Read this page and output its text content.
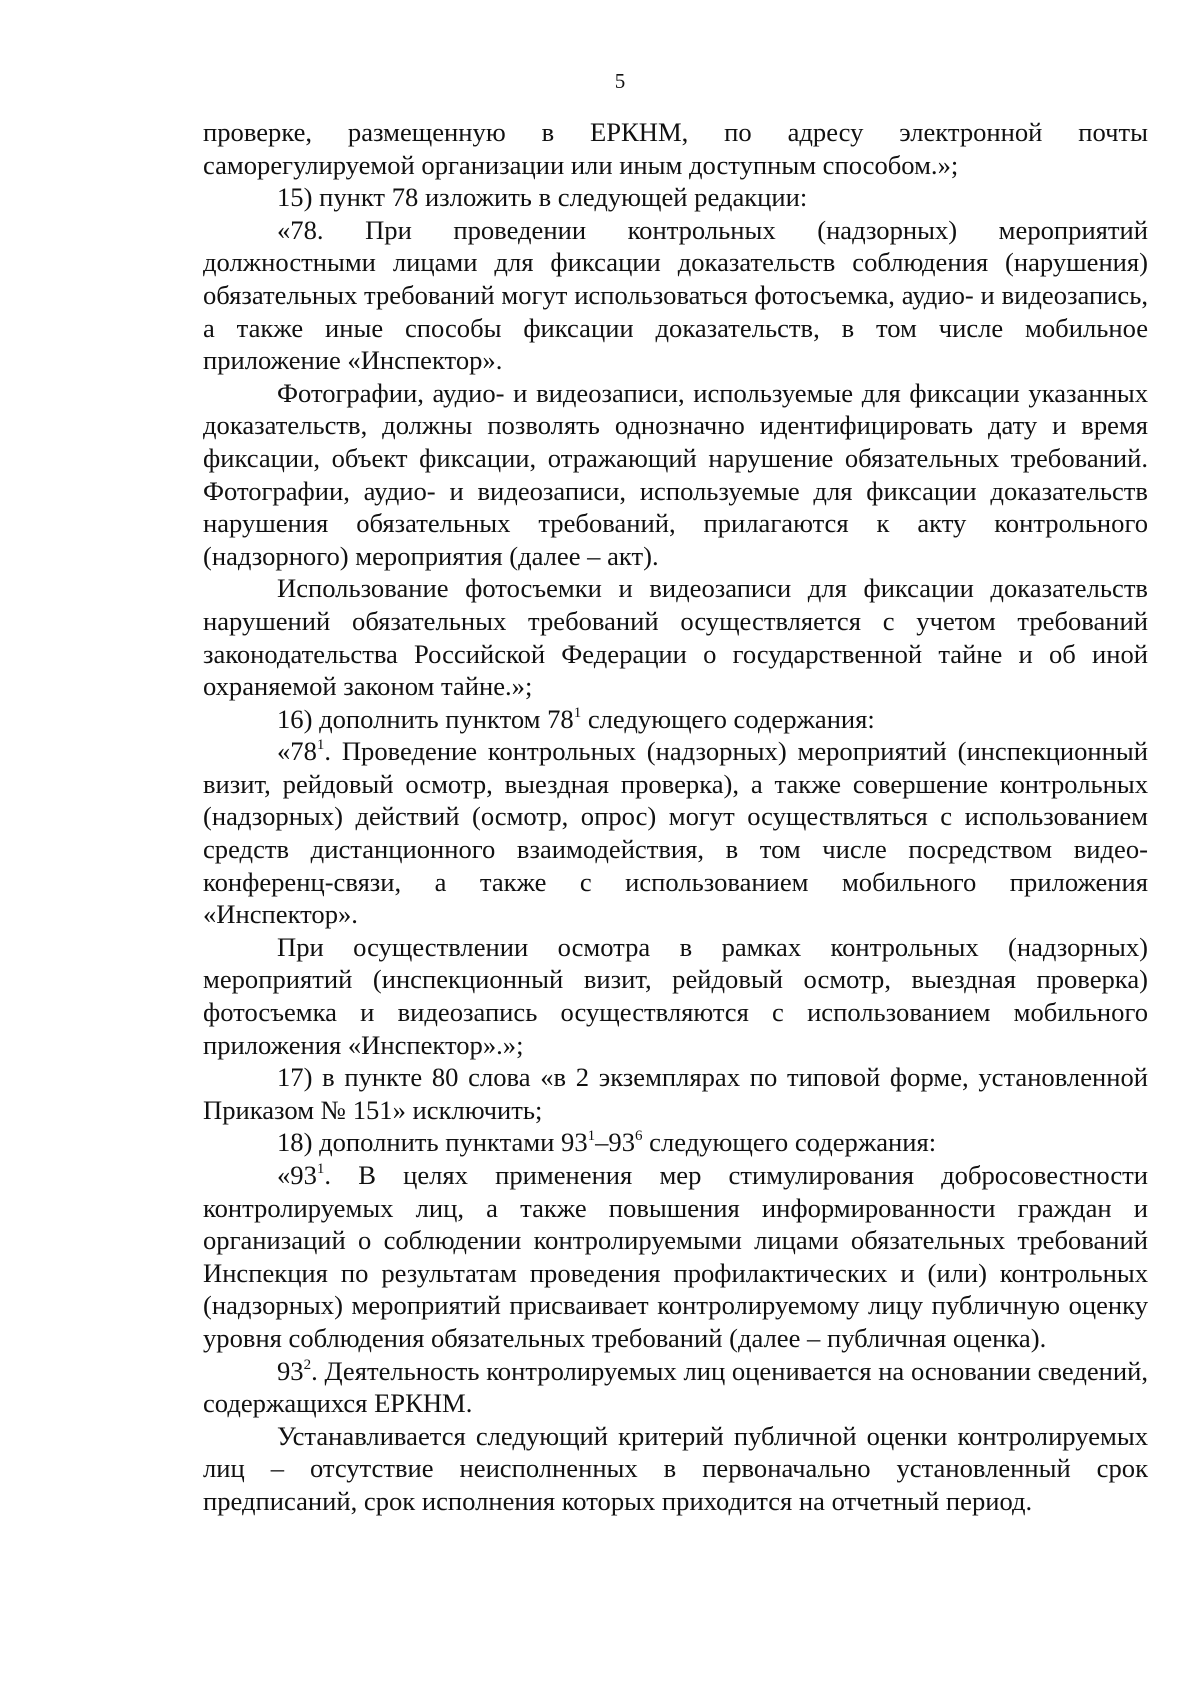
5

проверке, размещенную в ЕРКНМ, по адресу электронной почты саморегулируемой организации или иным доступным способом.»;

15) пункт 78 изложить в следующей редакции:

«78. При проведении контрольных (надзорных) мероприятий должностными лицами для фиксации доказательств соблюдения (нарушения) обязательных требований могут использоваться фотосъемка, аудио- и видеозапись, а также иные способы фиксации доказательств, в том числе мобильное приложение «Инспектор».

Фотографии, аудио- и видеозаписи, используемые для фиксации указанных доказательств, должны позволять однозначно идентифицировать дату и время фиксации, объект фиксации, отражающий нарушение обязательных требований. Фотографии, аудио- и видеозаписи, используемые для фиксации доказательств нарушения обязательных требований, прилагаются к акту контрольного (надзорного) мероприятия (далее – акт).

Использование фотосъемки и видеозаписи для фиксации доказательств нарушений обязательных требований осуществляется с учетом требований законодательства Российской Федерации о государственной тайне и об иной охраняемой законом тайне.»;

16) дополнить пунктом $78^1$ следующего содержания:

«$78^1$. Проведение контрольных (надзорных) мероприятий (инспекционный визит, рейдовый осмотр, выездная проверка), а также совершение контрольных (надзорных) действий (осмотр, опрос) могут осуществляться с использованием средств дистанционного взаимодействия, в том числе посредством видео-конференц-связи, а также с использованием мобильного приложения «Инспектор».

При осуществлении осмотра в рамках контрольных (надзорных) мероприятий (инспекционный визит, рейдовый осмотр, выездная проверка) фотосъемка и видеозапись осуществляются с использованием мобильного приложения «Инспектор».»;

17) в пункте 80 слова «в 2 экземплярах по типовой форме, установленной Приказом № 151» исключить;

18) дополнить пунктами $93^1-93^6$ следующего содержания:

«$93^1$. В целях применения мер стимулирования добросовестности контролируемых лиц, а также повышения информированности граждан и организаций о соблюдении контролируемыми лицами обязательных требований Инспекция по результатам проведения профилактических и (или) контрольных (надзорных) мероприятий присваивает контролируемому лицу публичную оценку уровня соблюдения обязательных требований (далее – публичная оценка).

$93^2$. Деятельность контролируемых лиц оценивается на основании сведений, содержащихся ЕРКНМ.

Устанавливается следующий критерий публичной оценки контролируемых лиц – отсутствие неисполненных в первоначально установленный срок предписаний, срок исполнения которых приходится на отчетный период.
